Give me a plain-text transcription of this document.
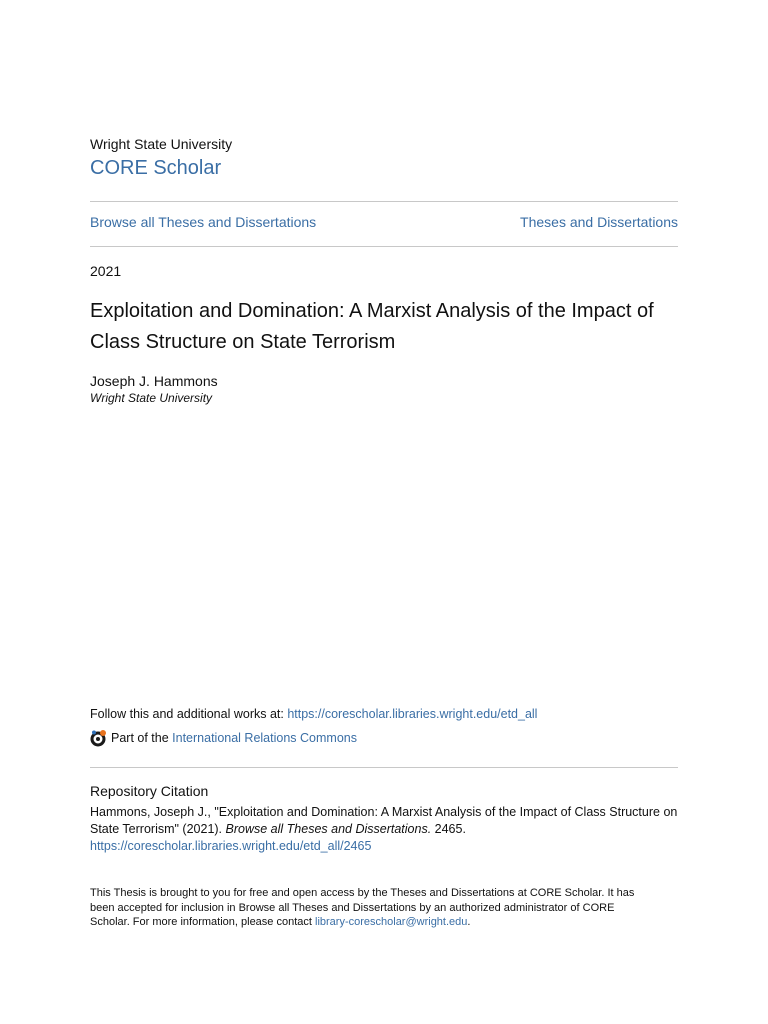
Wright State University
CORE Scholar
Browse all Theses and Dissertations	Theses and Dissertations
2021
Exploitation and Domination: A Marxist Analysis of the Impact of Class Structure on State Terrorism
Joseph J. Hammons
Wright State University
Follow this and additional works at: https://corescholar.libraries.wright.edu/etd_all
Part of the International Relations Commons
Repository Citation
Hammons, Joseph J., "Exploitation and Domination: A Marxist Analysis of the Impact of Class Structure on State Terrorism" (2021). Browse all Theses and Dissertations. 2465.
https://corescholar.libraries.wright.edu/etd_all/2465
This Thesis is brought to you for free and open access by the Theses and Dissertations at CORE Scholar. It has been accepted for inclusion in Browse all Theses and Dissertations by an authorized administrator of CORE Scholar. For more information, please contact library-corescholar@wright.edu.
